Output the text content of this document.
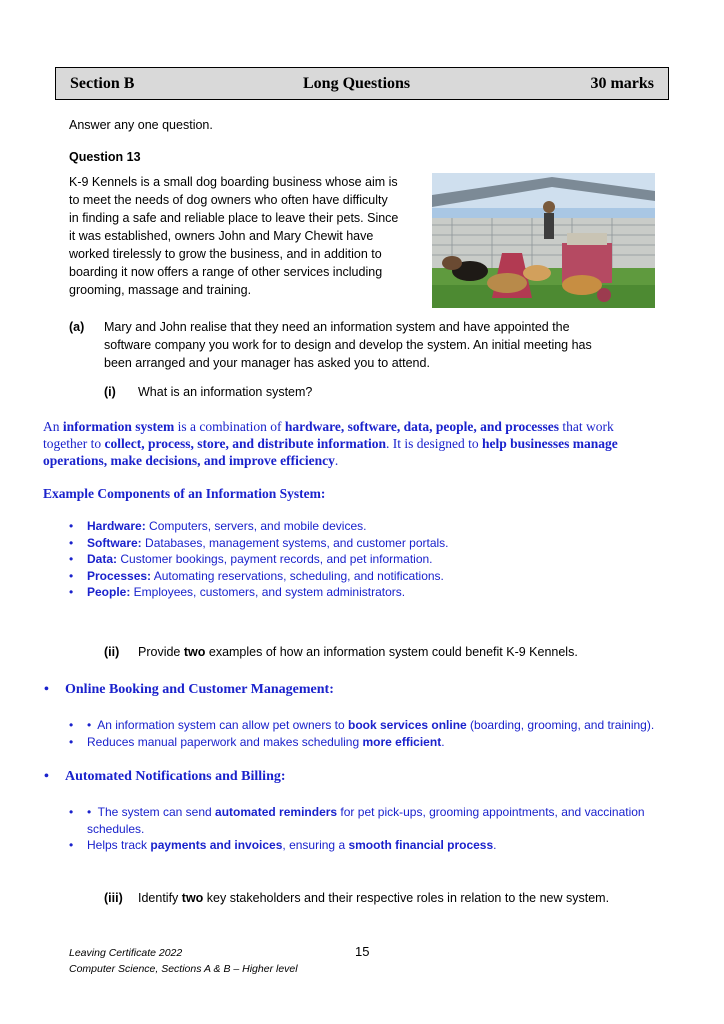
Section B	Long Questions	30 marks
Answer any one question.
Question 13
K-9 Kennels is a small dog boarding business whose aim is
to meet the needs of dog owners who often have difficulty
in finding a safe and reliable place to leave their pets. Since
it was established, owners John and Mary Chewit have
worked tirelessly to grow the business, and in addition to
boarding it now offers a range of other services including
grooming, massage and training.
(a) Mary and John realise that they need an information system and have appointed the
software company you work for to design and develop the system. An initial meeting has
been arranged and your manager has asked you to attend.
(i) What is an information system?
An information system is a combination of hardware, software, data, people, and processes that work
together to collect, process, store, and distribute information. It is designed to help businesses manage
operations, make decisions, and improve efficiency.
Example Components of an Information System:
• Hardware: Computers, servers, and mobile devices.
• Software: Databases, management systems, and customer portals.
• Data: Customer bookings, payment records, and pet information.
• Processes: Automating reservations, scheduling, and notifications.
• People: Employees, customers, and system administrators.
(ii) Provide two examples of how an information system could benefit K-9 Kennels.
• Online Booking and Customer Management:
• •  An information system can allow pet owners to book services online (boarding, grooming, and training).
• Reduces manual paperwork and makes scheduling more efficient.
• Automated Notifications and Billing:
• •  The system can send automated reminders for pet pick-ups, grooming appointments, and vaccination
schedules.
• Helps track payments and invoices, ensuring a smooth financial process.
(iii) Identify two key stakeholders and their respective roles in relation to the new system.
Leaving Certificate 2022
Computer Science, Sections A & B – Higher level
15
